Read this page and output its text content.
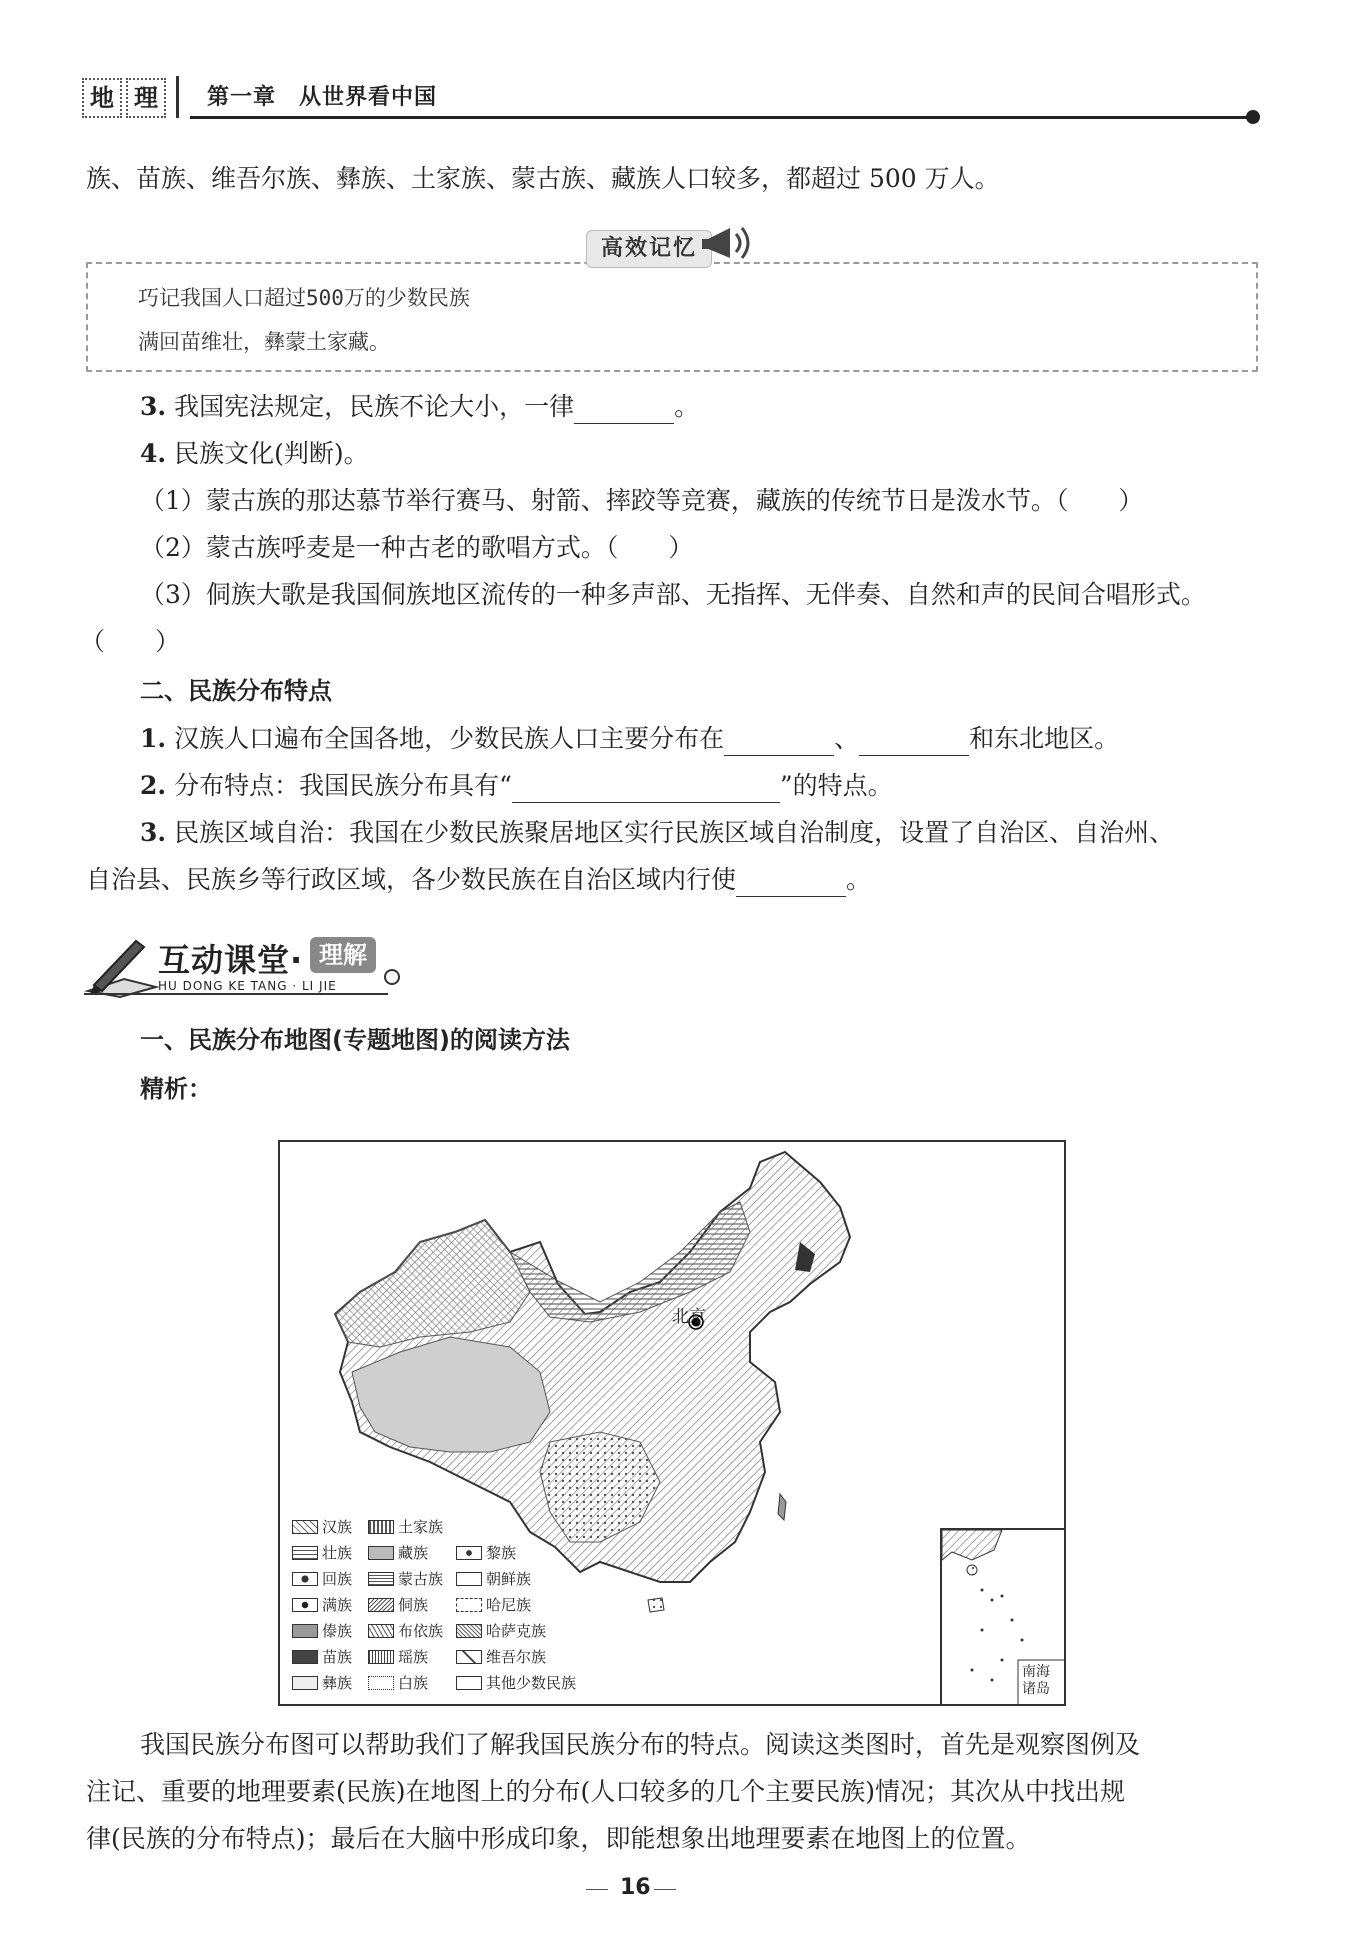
地 理	第一章　从世界看中国
族、苗族、维吾尔族、彝族、土家族、蒙古族、藏族人口较多，都超过 500 万人。
高效记忆
巧记我国人口超过500万的少数民族
满回苗维壮，彝蒙土家藏。
3. 我国宪法规定，民族不论大小，一律	。
4. 民族文化(判断)。
（1）蒙古族的那达慕节举行赛马、射箭、摔跤等竞赛，藏族的传统节日是泼水节。（　　）
（2）蒙古族呼麦是一种古老的歌唱方式。（　　）
（3）侗族大歌是我国侗族地区流传的一种多声部、无指挥、无伴奏、自然和声的民间合唱形式。
（　　）
二、民族分布特点
1. 汉族人口遍布全国各地，少数民族人口主要分布在	、	和东北地区。
2. 分布特点：我国民族分布具有“	”的特点。
3. 民族区域自治：我国在少数民族聚居地区实行民族区域自治制度，设置了自治区、自治州、
自治县、民族乡等行政区域，各少数民族在自治区域内行使	。
互动课堂· 理解
HU DONG KE TANG · LI JIE
一、民族分布地图(专题地图)的阅读方法
精析：
北京
汉族	土家族
壮族	藏族	黎族
回族	蒙古族	朝鲜族
满族	侗族	哈尼族
傣族	布依族	哈萨克族
苗族	瑶族	维吾尔族
彝族	白族	其他少数民族
南海诸岛
我国民族分布图可以帮助我们了解我国民族分布的特点。阅读这类图时，首先是观察图例及
注记、重要的地理要素(民族)在地图上的分布(人口较多的几个主要民族)情况；其次从中找出规
律(民族的分布特点)；最后在大脑中形成印象，即能想象出地理要素在地图上的位置。
16
